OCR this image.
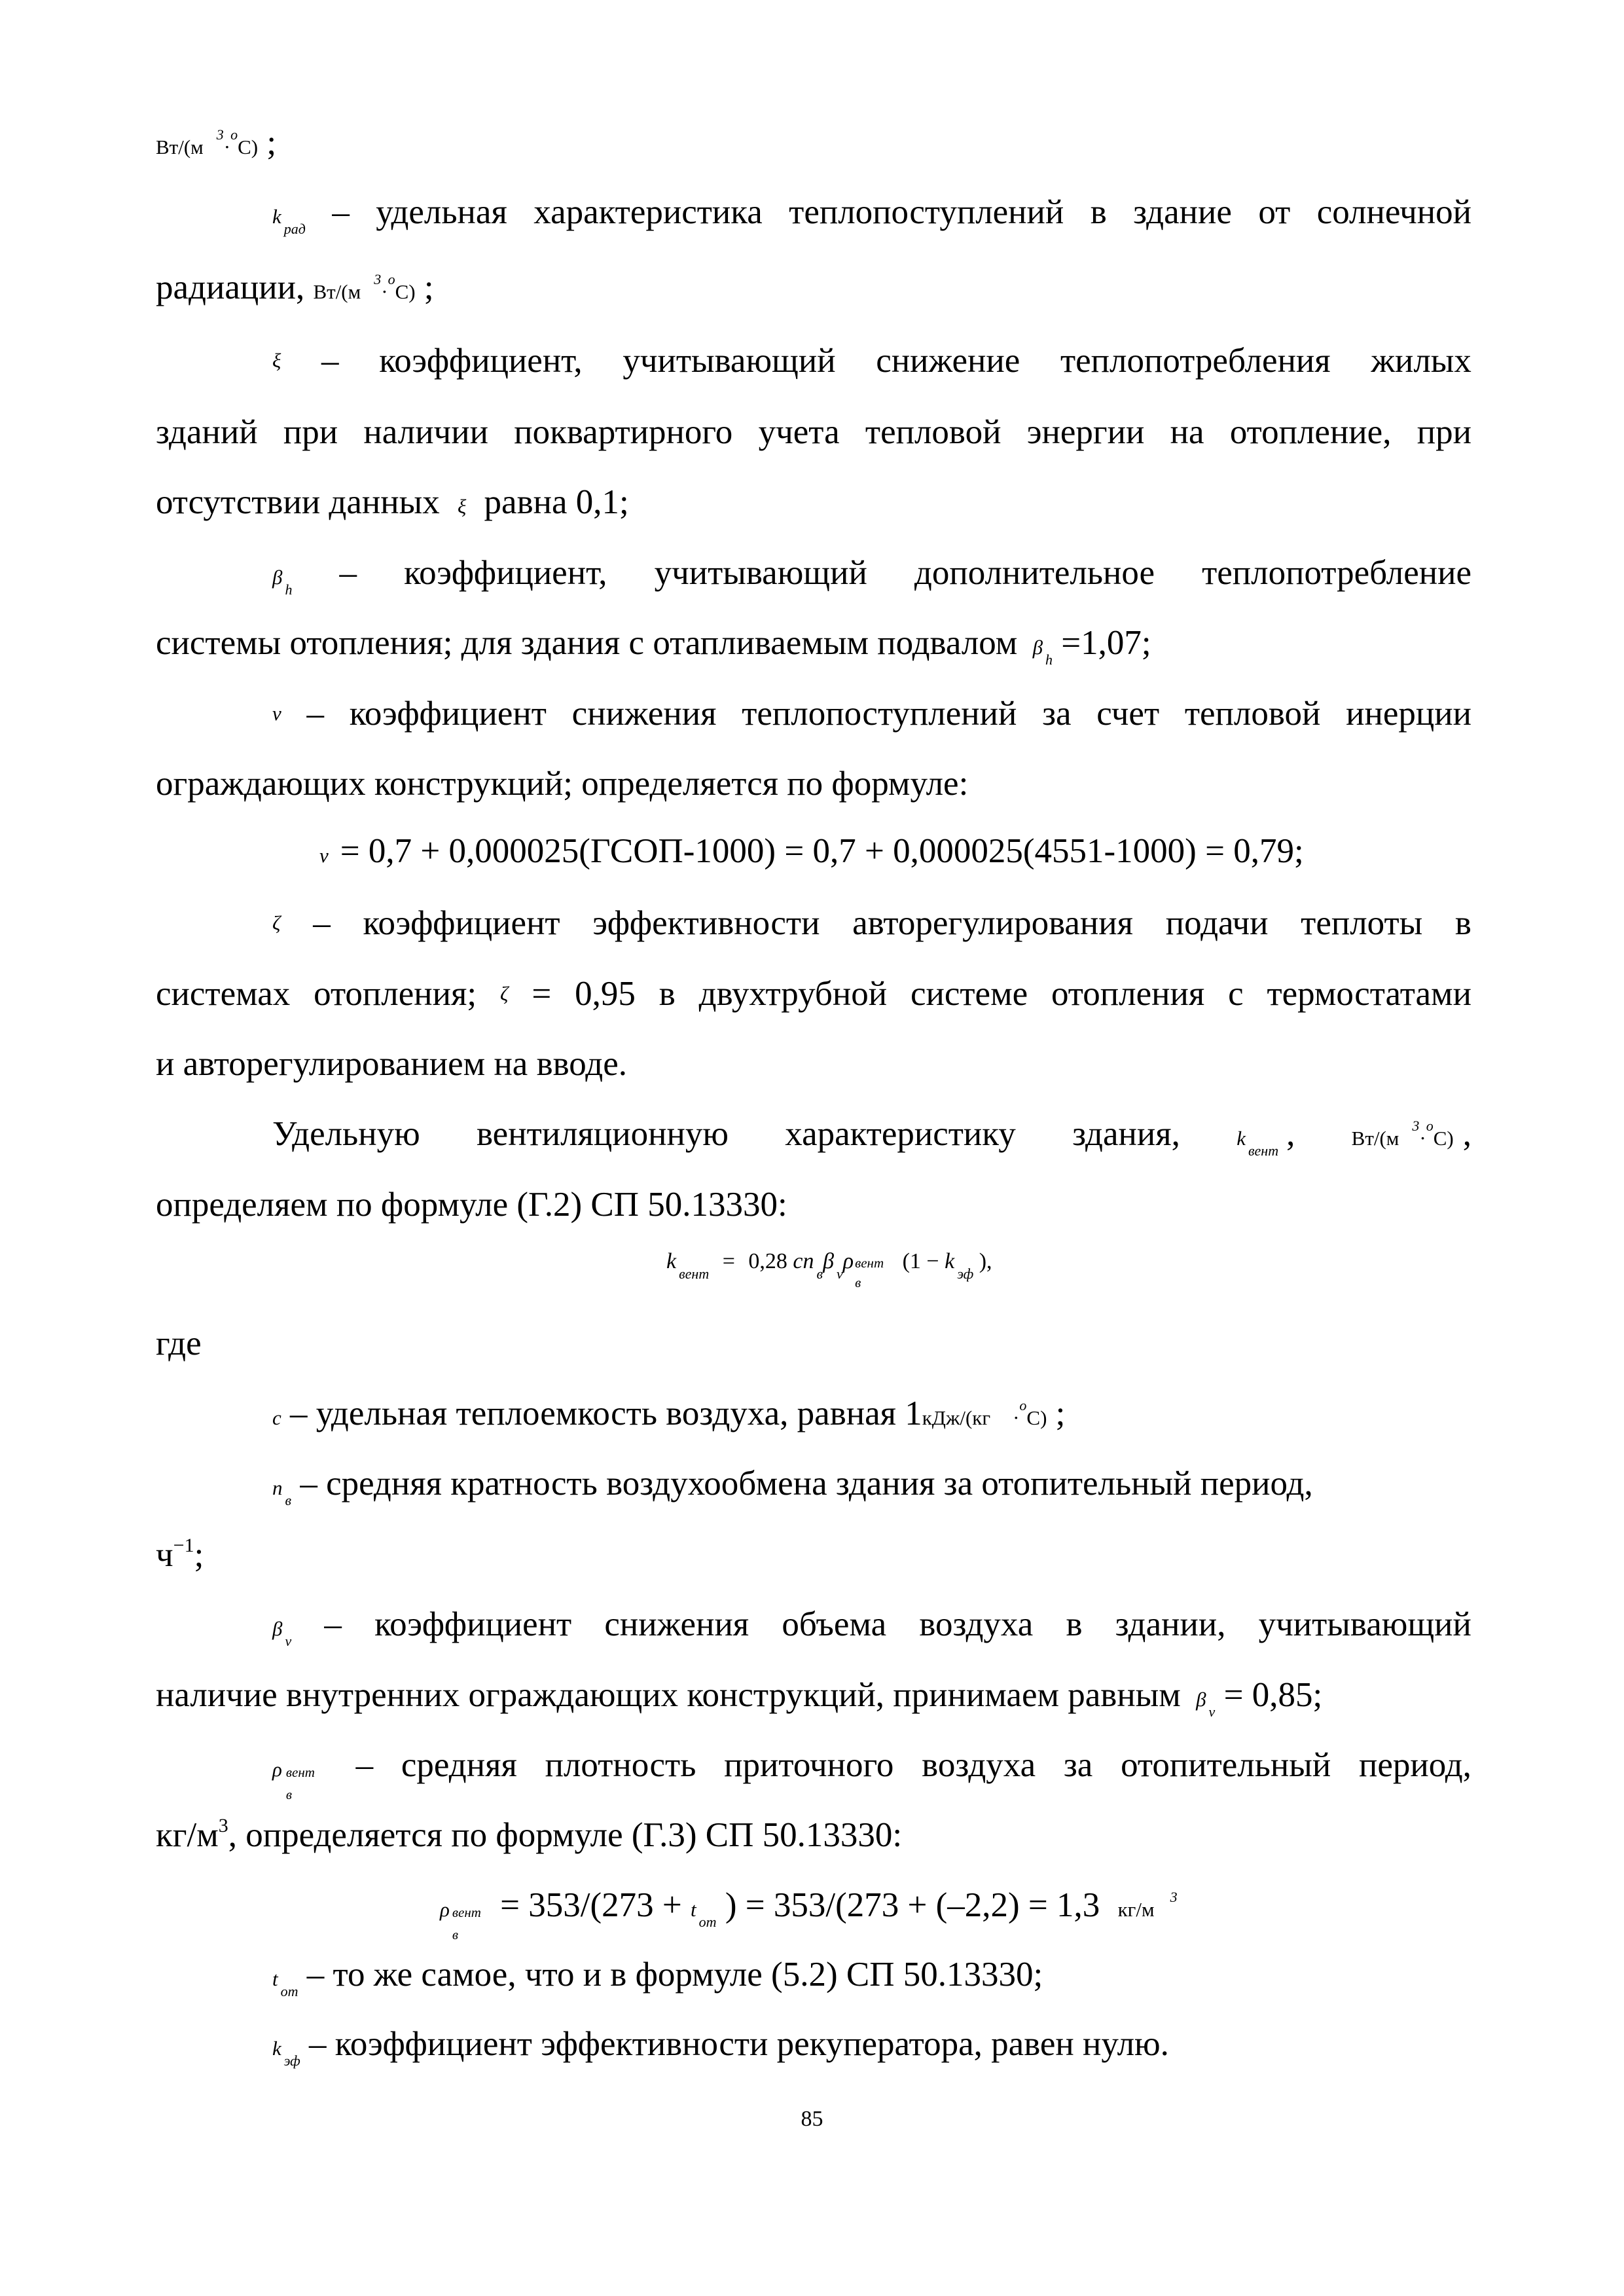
$Вт/(м^3\cdot^оС)$ ;
$k_{рад}$ – удельная характеристика теплопоступлений в здание от солнечной
радиации, $Вт/(м^3\cdot^оС)$ ;
ξ – коэффициент, учитывающий снижение теплопотребления жилых
зданий при наличии поквартирного учета тепловой энергии на отопление, при
отсутствии данных ξ равна 0,1;
$\beta_h$ – коэффициент, учитывающий дополнительное теплопотребление
системы отопления; для здания с отапливаемым подвалом $\beta_h =1,07$;
ν – коэффициент снижения теплопоступлений за счет тепловой инерции
ограждающих конструкций; определяется по формуле:
ν = 0,7 + 0,000025(ГСОП-1000) = 0,7 + 0,000025(4551-1000) = 0,79;
ζ – коэффициент эффективности авторегулирования подачи теплоты в
системах отопления; ζ = 0,95 в двухтрубной системе отопления с термостатами
и авторегулированием на вводе.
Удельную вентиляционную характеристику здания,	$k_{вент}$ ,	$Вт/(м^3\cdot^оС)$ ,
определяем по формуле (Г.2) СП 50.13330:
$k_{вент} = 0,28$ $cn_в\beta_\nu\rho$ вент
в
($1 - k_{эф}$ ),
где
c – удельная теплоемкость воздуха, равная 1кДж/(кг ·$^о$С) ;
$n_в$ – средняя кратность воздухообмена здания за отопительный период,
$ч^{-1}$;
$\beta_\nu$ – коэффициент снижения объема воздуха в здании, учитывающий
наличие внутренних ограждающих конструкций, принимаем равным $\beta_\nu = 0,85$;
ρ вент
в
– средняя плотность приточного воздуха за отопительный период,
$кг/м^3$, определяется по формуле (Г.3) СП 50.13330:
ρ вент
в
= $353/(273 + t_{от}$ ) = 353/(273 + (–2,2) = 1,3 $кг/м^3$
$t_{от}$ – то же самое, что и в формуле (5.2) СП 50.13330;
$k_{эф}$ – коэффициент эффективности рекуператора, равен нулю.
85
